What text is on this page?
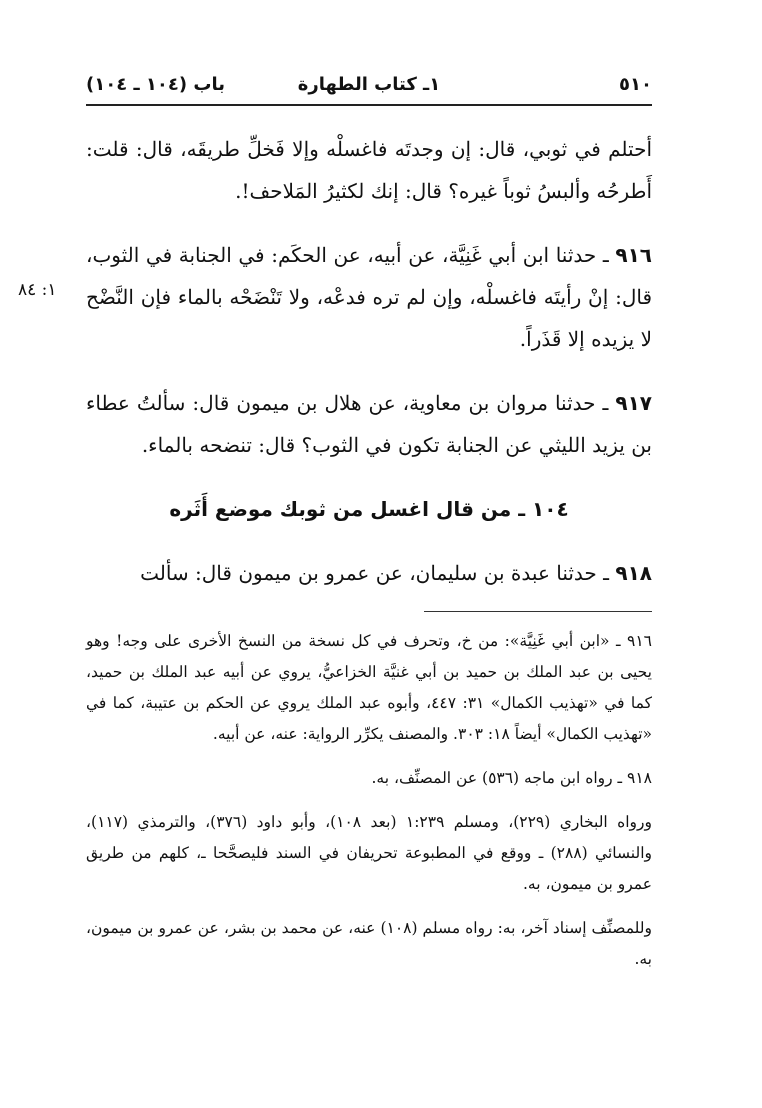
٥١٠
١ـ كتاب الطهارة
باب (١٠٤ ـ ١٠٤)
١: ٨٤

أحتلم في ثوبي، قال: إن وجدتَه فاغسلْه وإلا فَخلِّ طريقَه، قال: قلت: أَطرحُه وألبسُ ثوباً غيره؟ قال: إنك لكثيرُ المَلاحف!.

٩١٦ ـ حدثنا ابن أبي غَنِيَّة، عن أبيه، عن الحكَم: في الجنابة في الثوب، قال: إنْ رأيتَه فاغسلْه، وإن لم تره فدعْه، ولا تَنْضَحْه بالماء فإن النَّضْح لا يزيده إلا قَذَراً.

٩١٧ ـ حدثنا مروان بن معاوية، عن هلال بن ميمون قال: سألتُ عطاء بن يزيد الليثي عن الجنابة تكون في الثوب؟ قال: تنضحه بالماء.

١٠٤ ـ من قال اغسل من ثوبك موضع أَثَره

٩١٨ ـ حدثنا عبدة بن سليمان، عن عمرو بن ميمون قال: سألت

٩١٦ ـ «ابن أبي غَنِيَّة»: من خ، وتحرف في كل نسخة من النسخ الأخرى على وجه! وهو يحيى بن عبد الملك بن حميد بن أبي غنيَّة الخزاعيُّ، يروي عن أبيه عبد الملك بن حميد، كما في «تهذيب الكمال» ٣١: ٤٤٧، وأبوه عبد الملك يروي عن الحكم بن عتيبة، كما في «تهذيب الكمال» أيضاً ١٨: ٣٠٣. والمصنف يكرِّر الرواية: عنه، عن أبيه.

٩١٨ ـ رواه ابن ماجه (٥٣٦) عن المصنِّف، به.

ورواه البخاري (٢٢٩)، ومسلم ١:٢٣٩ (بعد ١٠٨)، وأبو داود (٣٧٦)، والترمذي (١١٧)، والنسائي (٢٨٨) ـ ووقع في المطبوعة تحريفان في السند فليصحَّحا ـ، كلهم من طريق عمرو بن ميمون، به.

وللمصنِّف إسناد آخر، به: رواه مسلم (١٠٨) عنه، عن محمد بن بشر، عن عمرو بن ميمون، به.
